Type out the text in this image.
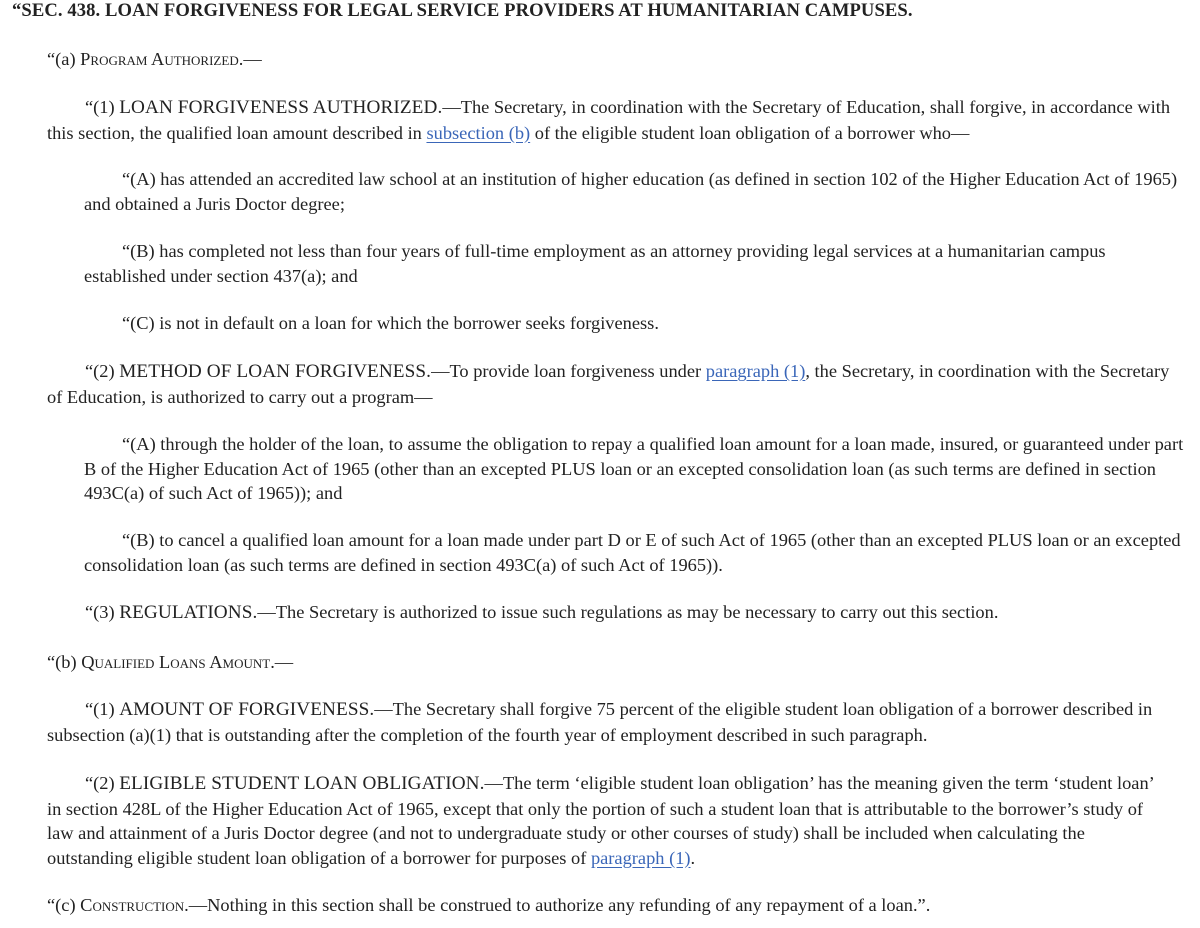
“SEC. 438. LOAN FORGIVENESS FOR LEGAL SERVICE PROVIDERS AT HUMANITARIAN CAMPUSES.
“(a) Program Authorized.—
“(1) LOAN FORGIVENESS AUTHORIZED.—The Secretary, in coordination with the Secretary of Education, shall forgive, in accordance with this section, the qualified loan amount described in subsection (b) of the eligible student loan obligation of a borrower who—
“(A) has attended an accredited law school at an institution of higher education (as defined in section 102 of the Higher Education Act of 1965) and obtained a Juris Doctor degree;
“(B) has completed not less than four years of full-time employment as an attorney providing legal services at a humanitarian campus established under section 437(a); and
“(C) is not in default on a loan for which the borrower seeks forgiveness.
“(2) METHOD OF LOAN FORGIVENESS.—To provide loan forgiveness under paragraph (1), the Secretary, in coordination with the Secretary of Education, is authorized to carry out a program—
“(A) through the holder of the loan, to assume the obligation to repay a qualified loan amount for a loan made, insured, or guaranteed under part B of the Higher Education Act of 1965 (other than an excepted PLUS loan or an excepted consolidation loan (as such terms are defined in section 493C(a) of such Act of 1965)); and
“(B) to cancel a qualified loan amount for a loan made under part D or E of such Act of 1965 (other than an excepted PLUS loan or an excepted consolidation loan (as such terms are defined in section 493C(a) of such Act of 1965)).
“(3) REGULATIONS.—The Secretary is authorized to issue such regulations as may be necessary to carry out this section.
“(b) Qualified Loans Amount.—
“(1) AMOUNT OF FORGIVENESS.—The Secretary shall forgive 75 percent of the eligible student loan obligation of a borrower described in subsection (a)(1) that is outstanding after the completion of the fourth year of employment described in such paragraph.
“(2) ELIGIBLE STUDENT LOAN OBLIGATION.—The term ‘eligible student loan obligation’ has the meaning given the term ‘student loan’ in section 428L of the Higher Education Act of 1965, except that only the portion of such a student loan that is attributable to the borrower’s study of law and attainment of a Juris Doctor degree (and not to undergraduate study or other courses of study) shall be included when calculating the outstanding eligible student loan obligation of a borrower for purposes of paragraph (1).
“(c) Construction.—Nothing in this section shall be construed to authorize any refunding of any repayment of a loan.”.
